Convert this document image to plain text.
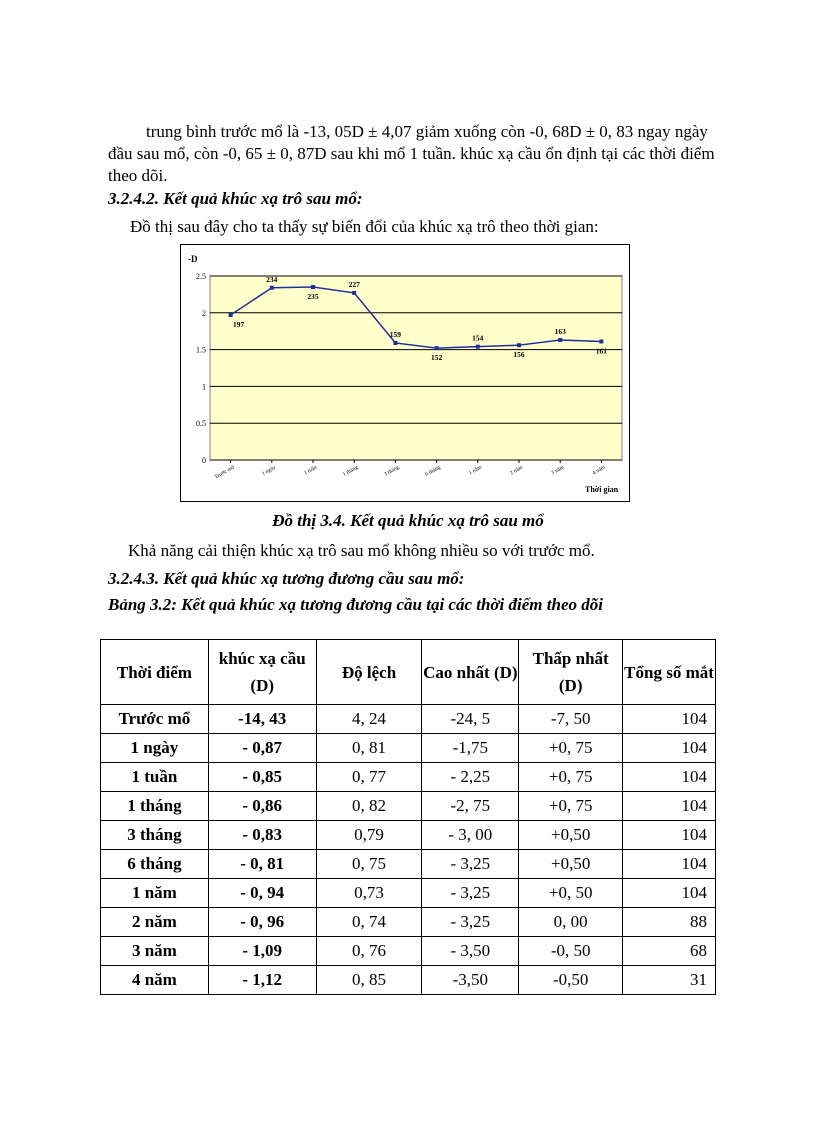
trung bình trước mổ là -13, 05D ± 4,07 giảm xuống còn -0, 68D ± 0, 83 ngay ngày đầu sau mổ, còn -0, 65 ± 0, 87D sau khi mổ 1 tuần. khúc xạ cầu ổn định tại các thời điểm theo dõi.
3.2.4.2. Kết quả khúc xạ trô sau mổ:
Đồ thị sau đây cho ta thấy sự biến đổi của khúc xạ trô theo thời gian:
-D
Thời gian
0
0.5
1
1.5
2
2.5
Trước mổ	1 ngày	1 tuần	1 tháng	3 tháng	6 tháng	1 năm	2 năm	3 năm	4 năm
197
234
235
227
159
152
154
156
163
161
Đồ thị 3.4. Kết quả khúc xạ trô sau mổ
Khả năng cải thiện khúc xạ trô sau mổ không nhiều so với trước mổ.
3.2.4.3. Kết quả khúc xạ tương đương cầu sau mổ:
Bảng 3.2: Kết quả khúc xạ tương đương cầu tại các thời điểm theo dõi
Thời điểm	khúc xạ cầu (D)	Độ lệch	Cao nhất (D)	Thấp nhất (D)	Tổng số mắt
Trước mổ	-14, 43	4, 24	-24, 5	-7, 50	104
1 ngày	- 0,87	0, 81	-1,75	+0, 75	104
1 tuần	- 0,85	0, 77	- 2,25	+0, 75	104
1 tháng	- 0,86	0, 82	-2, 75	+0, 75	104
3 tháng	- 0,83	0,79	- 3, 00	+0,50	104
6 tháng	- 0, 81	0, 75	- 3,25	+0,50	104
1 năm	- 0, 94	0,73	- 3,25	+0, 50	104
2 năm	- 0, 96	0, 74	- 3,25	0, 00	88
3 năm	- 1,09	0, 76	- 3,50	-0, 50	68
4 năm	- 1,12	0, 85	-3,50	-0,50	31
